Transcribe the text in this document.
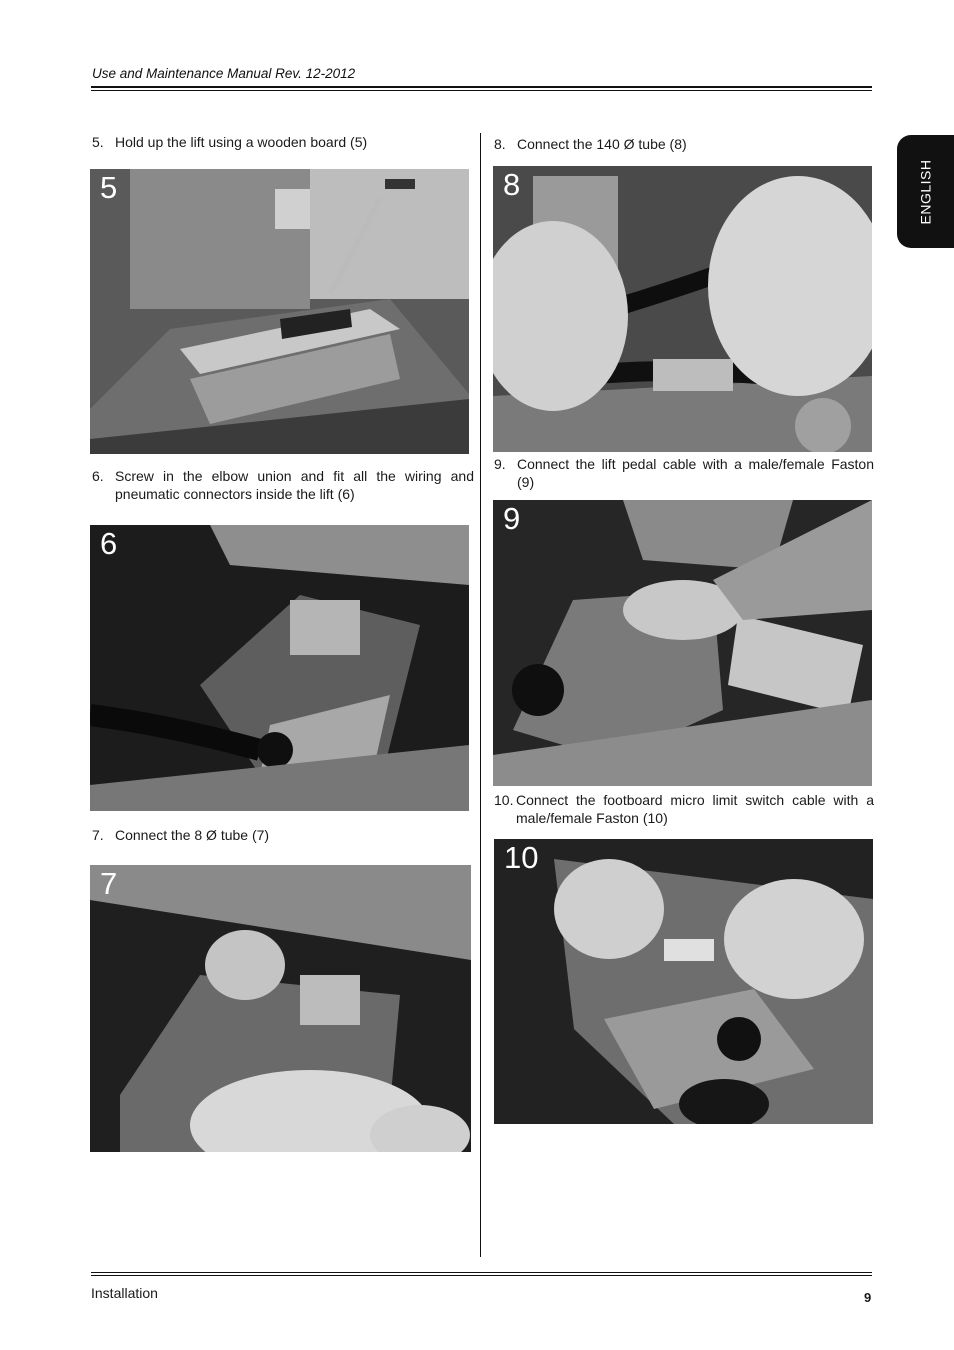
Use and Maintenance Manual Rev. 12-2012
ENGLISH
5. Hold up the lift using a wooden board (5)
5
6. Screw in the elbow union and fit all the wiring and pneumatic connectors inside the lift (6)
6
7. Connect the 8 Ø tube (7)
7
8. Connect the 140 Ø tube (8)
8
9. Connect the lift pedal cable with a male/female Faston (9)
9
10. Connect the footboard micro limit switch cable with a male/female Faston (10)
10
Installation	9
